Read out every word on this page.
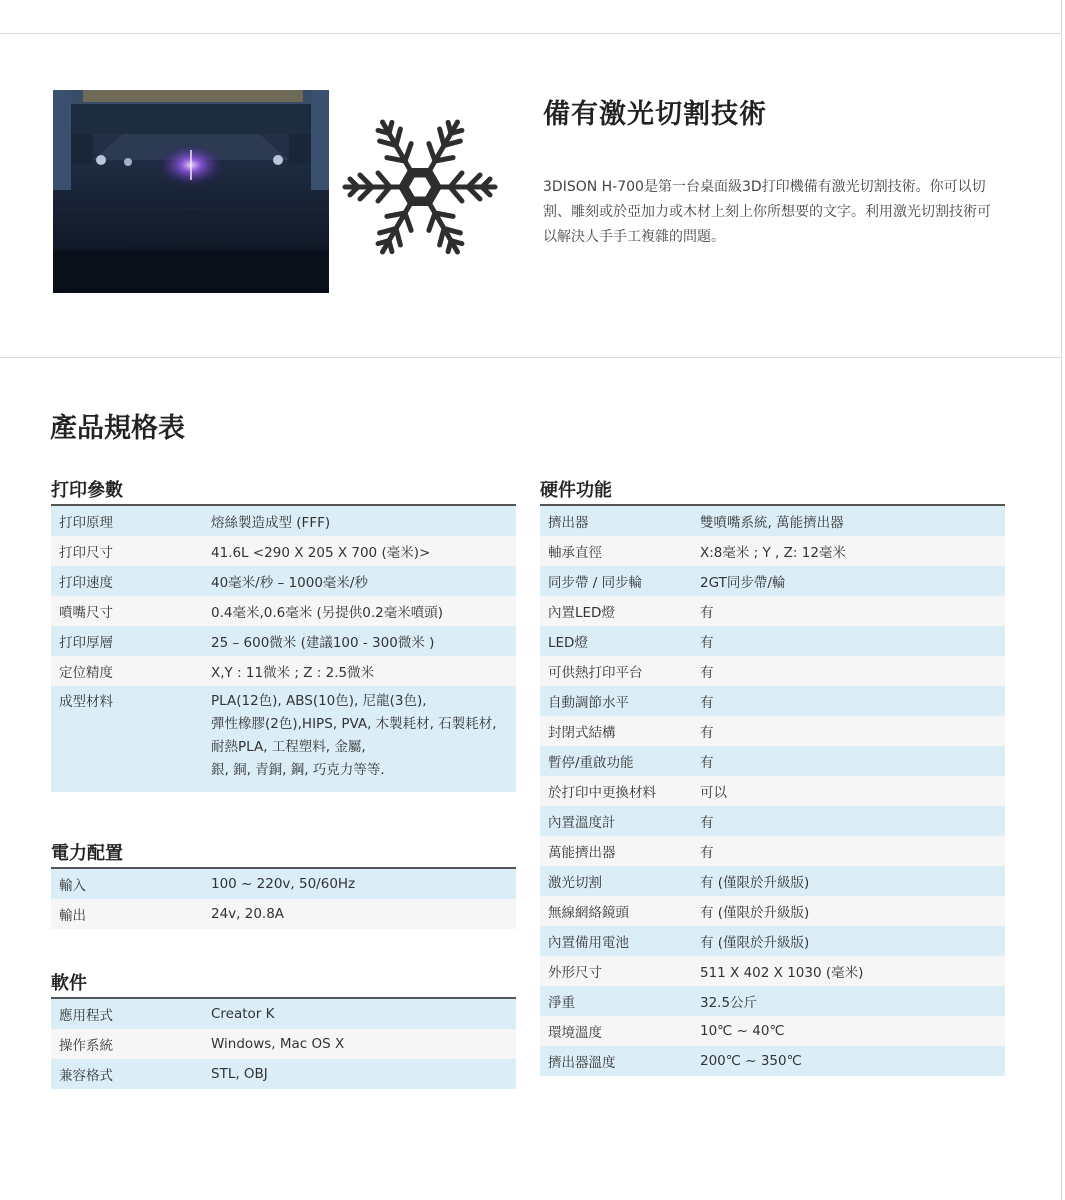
備有激光切割技術

3DISON H-700是第一台桌面級3D打印機備有激光切割技術。你可以切割、雕刻或於亞加力或木材上刻上你所想要的文字。利用激光切割技術可以解決人手手工複雜的問題。

產品規格表
打印參數
打印原理	熔絲製造成型 (FFF)
打印尺寸	41.6L <290 X 205 X 700 (毫米)>
打印速度	40毫米/秒 – 1000毫米/秒
噴嘴尺寸	0.4毫米,0.6毫米 (另提供0.2毫米噴頭)
打印厚層	25 – 600微米 (建議100 - 300微米 )
定位精度	X,Y : 11微米 ; Z : 2.5微米
成型材料	PLA(12色), ABS(10色), 尼龍(3色),
彈性橡膠(2色),HIPS, PVA, 木製耗材, 石製耗材,
耐熱PLA, 工程塑料, 金屬,
銀, 銅, 青銅, 鋼, 巧克力等等.
電力配置
輸入	100 ~ 220v, 50/60Hz
輸出	24v, 20.8A
軟件
應用程式	Creator K
操作系統	Windows, Mac OS X
兼容格式	STL, OBJ
硬件功能
擠出器	雙噴嘴系統, 萬能擠出器
軸承直徑	X:8毫米 ; Y , Z: 12毫米
同步帶 / 同步輪	2GT同步帶/輪
內置LED燈	有
LED燈	有
可供熱打印平台	有
自動調節水平	有
封閉式結構	有
暫停/重啟功能	有
於打印中更換材料	可以
內置溫度計	有
萬能擠出器	有
激光切割	有 (僅限於升級版)
無線網絡鏡頭	有 (僅限於升級版)
內置備用電池	有 (僅限於升級版)
外形尺寸	511 X 402 X 1030 (毫米)
淨重	32.5公斤
環境溫度	10℃ ~ 40℃
擠出器溫度	200℃ ~ 350℃
